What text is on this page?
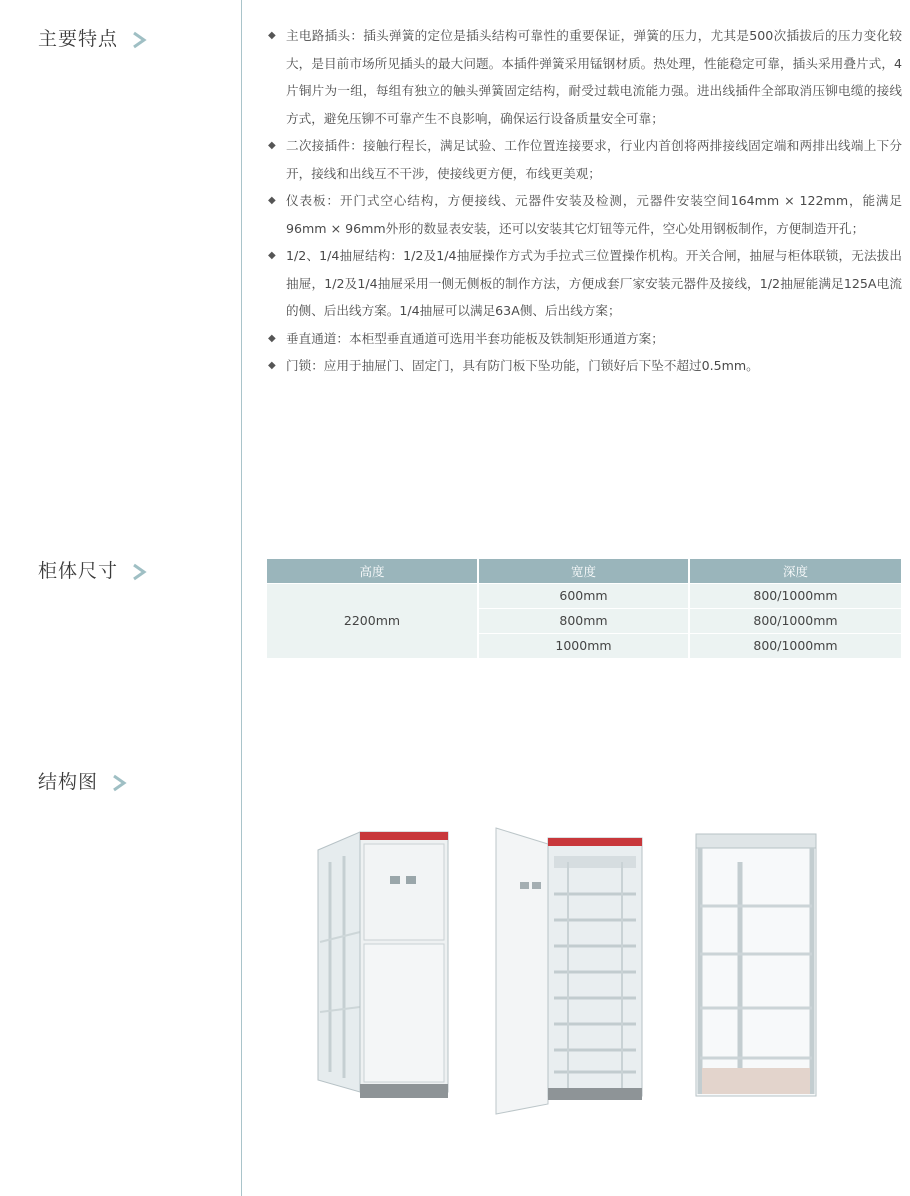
主要特点	◆ 主电路插头：插头弹簧的定位是插头结构可靠性的重要保证，弹簧的压力，尤其是500次插拔后的压力变化较大，是目前市场所见插头的最大问题。本插件弹簧采用锰钢材质。热处理，性能稳定可靠，插头采用叠片式，4片铜片为一组，每组有独立的触头弹簧固定结构，耐受过载电流能力强。进出线插件全部取消压铆电缆的接线方式，避免压铆不可靠产生不良影响，确保运行设备质量安全可靠；
◆ 二次接插件：接触行程长，满足试验、工作位置连接要求，行业内首创将两排接线固定端和两排出线端上下分开，接线和出线互不干涉，使接线更方便，布线更美观；
◆ 仪表板：开门式空心结构，方便接线、元器件安装及检测，元器件安装空间164mm × 122mm，能满足96mm × 96mm外形的数显表安装，还可以安装其它灯钮等元件，空心处用钢板制作，方便制造开孔；
◆ 1/2、1/4抽屉结构：1/2及1/4抽屉操作方式为手拉式三位置操作机构。开关合闸，抽屉与柜体联锁，无法拔出抽屉，1/2及1/4抽屉采用一侧无侧板的制作方法，方便成套厂家安装元器件及接线，1/2抽屉能满足125A电流的侧、后出线方案。1/4抽屉可以满足63A侧、后出线方案；
◆ 垂直通道：本柜型垂直通道可选用半套功能板及铁制矩形通道方案；
◆ 门锁：应用于抽屉门、固定门，具有防门板下坠功能，门锁好后下坠不超过0.5mm。
柜体尺寸	高度	宽度	深度
2200mm	600mm	800/1000mm
	800mm	800/1000mm
	1000mm	800/1000mm
结构图
